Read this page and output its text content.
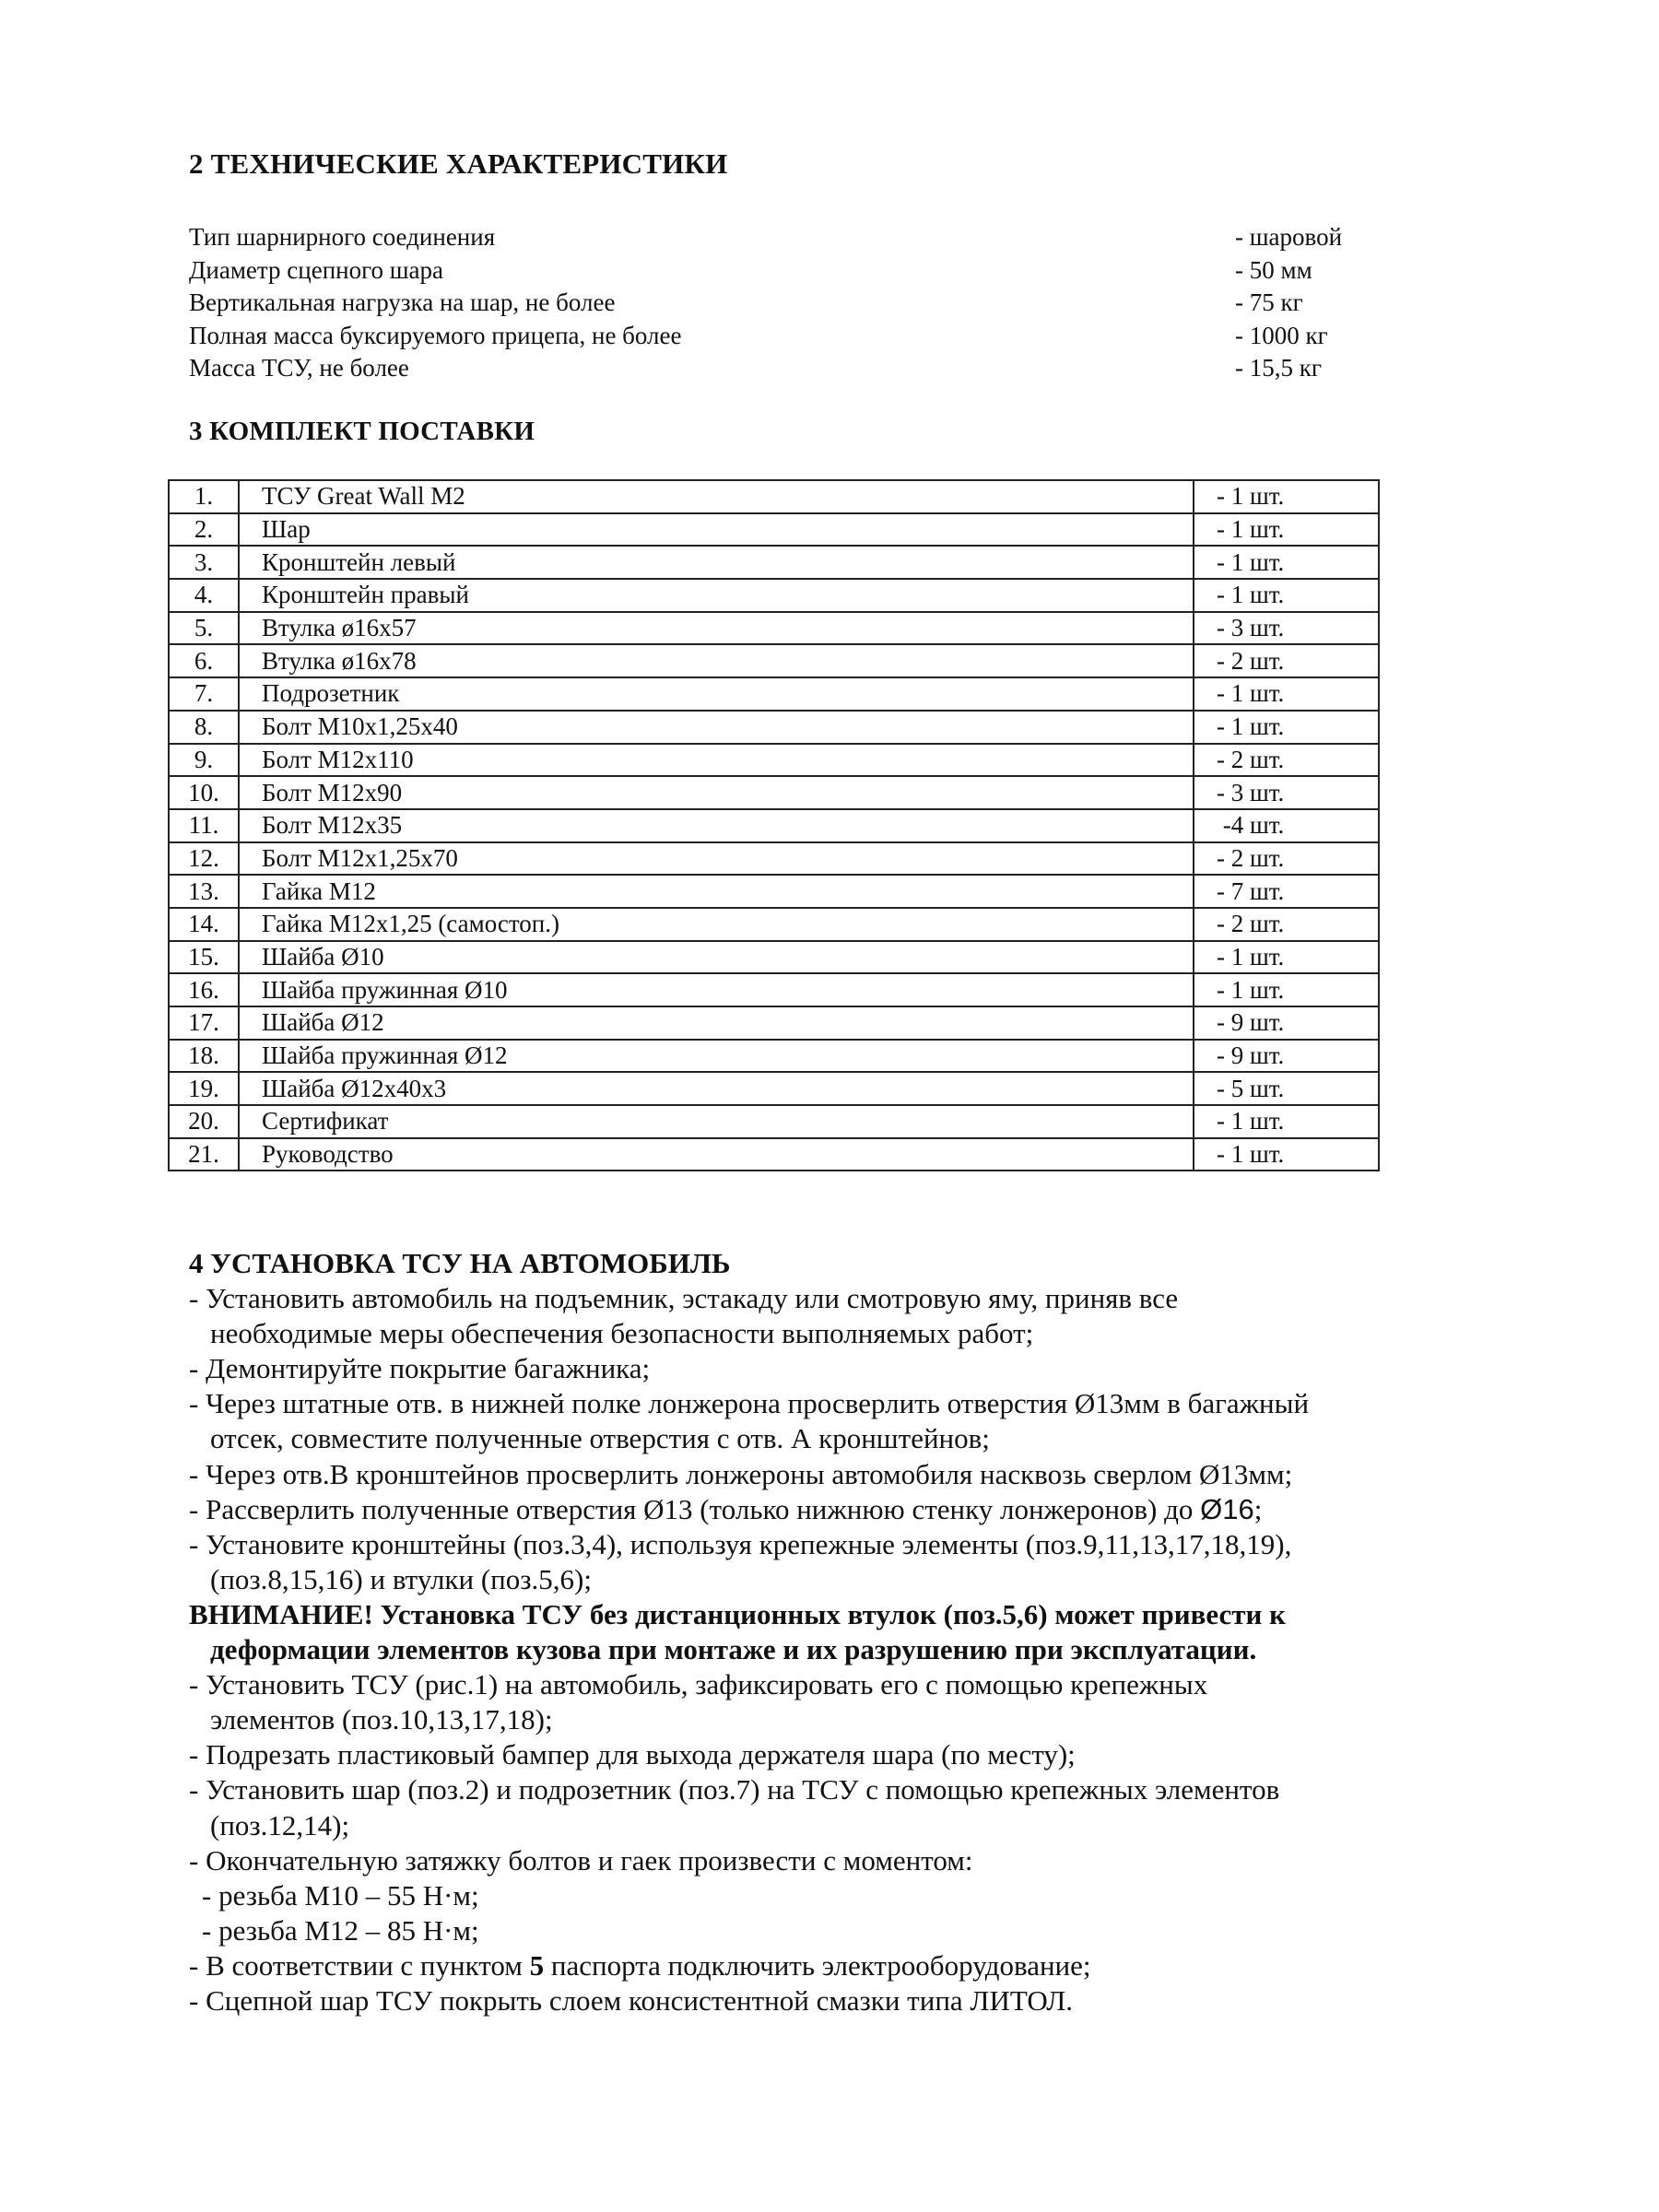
2 ТЕХНИЧЕСКИЕ ХАРАКТЕРИСТИКИ
Тип шарнирного соединения	- шаровой
Диаметр сцепного шара	- 50 мм
Вертикальная нагрузка на шар, не более	- 75 кг
Полная масса буксируемого прицепа, не более	- 1000 кг
Масса ТСУ, не более	- 15,5 кг
3 КОМПЛЕКТ ПОСТАВКИ
1.	ТСУ Great Wall M2	- 1 шт.
2.	Шар	- 1 шт.
3.	Кронштейн левый	- 1 шт.
4.	Кронштейн правый	- 1 шт.
5.	Втулка ø16x57	- 3 шт.
6.	Втулка ø16x78	- 2 шт.
7.	Подрозетник	- 1 шт.
8.	Болт М10x1,25x40	- 1 шт.
9.	Болт М12x110	- 2 шт.
10.	Болт М12x90	- 3 шт.
11.	Болт М12x35	-4 шт.
12.	Болт М12x1,25x70	- 2 шт.
13.	Гайка М12	- 7 шт.
14.	Гайка М12x1,25 (самостоп.)	- 2 шт.
15.	Шайба Ø10	- 1 шт.
16.	Шайба пружинная Ø10	- 1 шт.
17.	Шайба Ø12	- 9 шт.
18.	Шайба пружинная Ø12	- 9 шт.
19.	Шайба Ø12x40x3	- 5 шт.
20.	Сертификат	- 1 шт.
21.	Руководство	- 1 шт.
4 УСТАНОВКА ТСУ НА АВТОМОБИЛЬ
- Установить автомобиль на подъемник, эстакаду или смотровую яму, приняв все
необходимые меры обеспечения безопасности выполняемых работ;
- Демонтируйте покрытие багажника;
- Через штатные отв. в нижней полке лонжерона просверлить отверстия Ø13мм в багажный
отсек, совместите полученные отверстия с отв. А кронштейнов;
- Через отв.В кронштейнов просверлить лонжероны автомобиля насквозь сверлом Ø13мм;
- Рассверлить полученные отверстия Ø13 (только нижнюю стенку лонжеронов) до Ø16;
- Установите кронштейны (поз.3,4), используя крепежные элементы (поз.9,11,13,17,18,19),
(поз.8,15,16) и втулки (поз.5,6);
ВНИМАНИЕ! Установка ТСУ без дистанционных втулок (поз.5,6) может привести к
деформации элементов кузова при монтаже и их разрушению при эксплуатации.
- Установить ТСУ (рис.1) на автомобиль, зафиксировать его с помощью крепежных
элементов (поз.10,13,17,18);
- Подрезать пластиковый бампер для выхода держателя шара (по месту);
- Установить шар (поз.2) и подрозетник (поз.7) на ТСУ с помощью крепежных элементов
(поз.12,14);
- Окончательную затяжку болтов и гаек произвести с моментом:
- резьба М10 – 55 Н·м;
- резьба М12 – 85 Н·м;
- В соответствии с пунктом 5 паспорта подключить электрооборудование;
- Сцепной шар ТСУ покрыть слоем консистентной смазки типа ЛИТОЛ.
